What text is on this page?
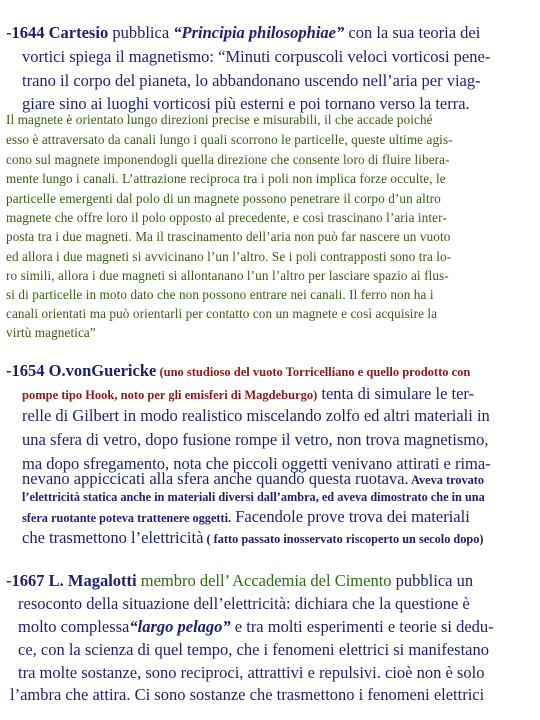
-1644 Cartesio pubblica “Principia philosophiae” con la sua teoria dei
vortici spiega il magnetismo: “Minuti corpuscoli veloci vorticosi pene-
trano il corpo del pianeta, lo abbandonano uscendo nell’aria per viag-
giare sino ai luoghi vorticosi più esterni e poi tornano verso la terra.
Il magnete è orientato lungo direzioni precise e misurabili, il che accade poiché
esso è attraversato da canali lungo i quali scorrono le particelle, queste ultime agis-
cono sul magnete imponendogli quella direzione che consente loro di fluire libera-
mente lungo i canali. L’attrazione reciproca tra i poli non implica forze occulte, le
particelle emergenti dal polo di un magnete possono penetrare il corpo d’un altro
magnete che offre loro il polo opposto al precedente, e così trascinano l’aria inter-
posta tra i due magneti. Ma il trascinamento dell’aria non può far nascere un vuoto
ed allora i due magneti si avvicinano l’un l’altro. Se i poli contrapposti sono tra lo-
ro simili, allora i due magneti si allontanano l’un l’altro per lasciare spazio ai flus-
si di particelle in moto dato che non possono entrare nei canali. Il ferro non ha i
canali orientati ma può orientarli per contatto con un magnete e così acquisire la
virtù magnetica”
-1654 O.vonGuericke (uno studioso del vuoto Torricelliano e quello prodotto con
pompe tipo Hook, noto per gli emisferi di Magdeburgo) tenta di simulare le ter-
relle di Gilbert in modo realistico miscelando zolfo ed altri materiali in
una sfera di vetro, dopo fusione rompe il vetro, non trova magnetismo,
ma dopo sfregamento, nota che piccoli oggetti venivano attirati e rima-
nevano appiccicati alla sfera anche quando questa ruotava. Aveva trovato
l’elettricità statica anche in materiali diversi dall’ambra, ed aveva dimostrato che in una
sfera ruotante poteva trattenere oggetti. Facendole prove trova dei materiali
che trasmettono l’elettricità ( fatto passato inosservato riscoperto un secolo dopo)
-1667 L. Magalotti membro dell’ Accademia del Cimento pubblica un
resoconto della situazione dell’elettricità: dichiara che la questione è
molto complessa“largo pelago” e tra molti esperimenti e teorie si dedu-
ce, con la scienza di quel tempo, che i fenomeni elettrici si manifestano
tra molte sostanze, sono reciproci, attrattivi e repulsivi. cioè non è solo
l’ambra che attira. Ci sono sostanze che trasmettono i fenomeni elettrici
